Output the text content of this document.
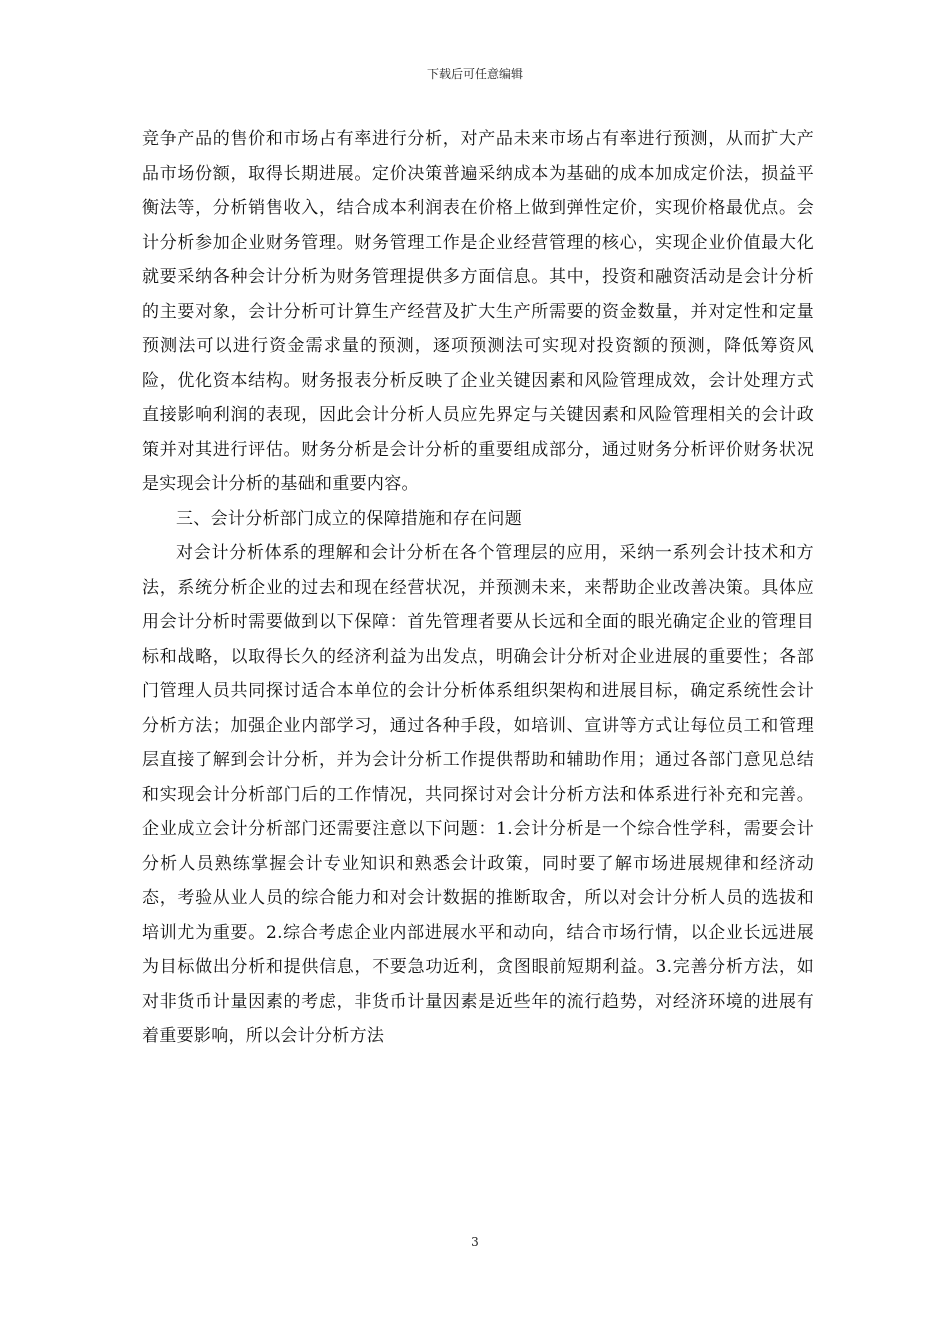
下载后可任意编辑

竞争产品的售价和市场占有率进行分析，对产品未来市场占有率进行预测，从而扩大产品市场份额，取得长期进展。定价决策普遍采纳成本为基础的成本加成定价法，损益平衡法等，分析销售收入，结合成本利润表在价格上做到弹性定价，实现价格最优点。会计分析参加企业财务管理。财务管理工作是企业经营管理的核心，实现企业价值最大化就要采纳各种会计分析为财务管理提供多方面信息。其中，投资和融资活动是会计分析的主要对象，会计分析可计算生产经营及扩大生产所需要的资金数量，并对定性和定量预测法可以进行资金需求量的预测，逐项预测法可实现对投资额的预测，降低筹资风险，优化资本结构。财务报表分析反映了企业关键因素和风险管理成效，会计处理方式直接影响利润的表现，因此会计分析人员应先界定与关键因素和风险管理相关的会计政策并对其进行评估。财务分析是会计分析的重要组成部分，通过财务分析评价财务状况是实现会计分析的基础和重要内容。

三、会计分析部门成立的保障措施和存在问题

对会计分析体系的理解和会计分析在各个管理层的应用，采纳一系列会计技术和方法，系统分析企业的过去和现在经营状况，并预测未来，来帮助企业改善决策。具体应用会计分析时需要做到以下保障：首先管理者要从长远和全面的眼光确定企业的管理目标和战略，以取得长久的经济利益为出发点，明确会计分析对企业进展的重要性；各部门管理人员共同探讨适合本单位的会计分析体系组织架构和进展目标，确定系统性会计分析方法；加强企业内部学习，通过各种手段，如培训、宣讲等方式让每位员工和管理层直接了解到会计分析，并为会计分析工作提供帮助和辅助作用；通过各部门意见总结和实现会计分析部门后的工作情况，共同探讨对会计分析方法和体系进行补充和完善。企业成立会计分析部门还需要注意以下问题：1.会计分析是一个综合性学科，需要会计分析人员熟练掌握会计专业知识和熟悉会计政策，同时要了解市场进展规律和经济动态，考验从业人员的综合能力和对会计数据的推断取舍，所以对会计分析人员的选拔和培训尤为重要。2.综合考虑企业内部进展水平和动向，结合市场行情，以企业长远进展为目标做出分析和提供信息，不要急功近利，贪图眼前短期利益。3.完善分析方法，如对非货币计量因素的考虑，非货币计量因素是近些年的流行趋势，对经济环境的进展有着重要影响，所以会计分析方法

3
